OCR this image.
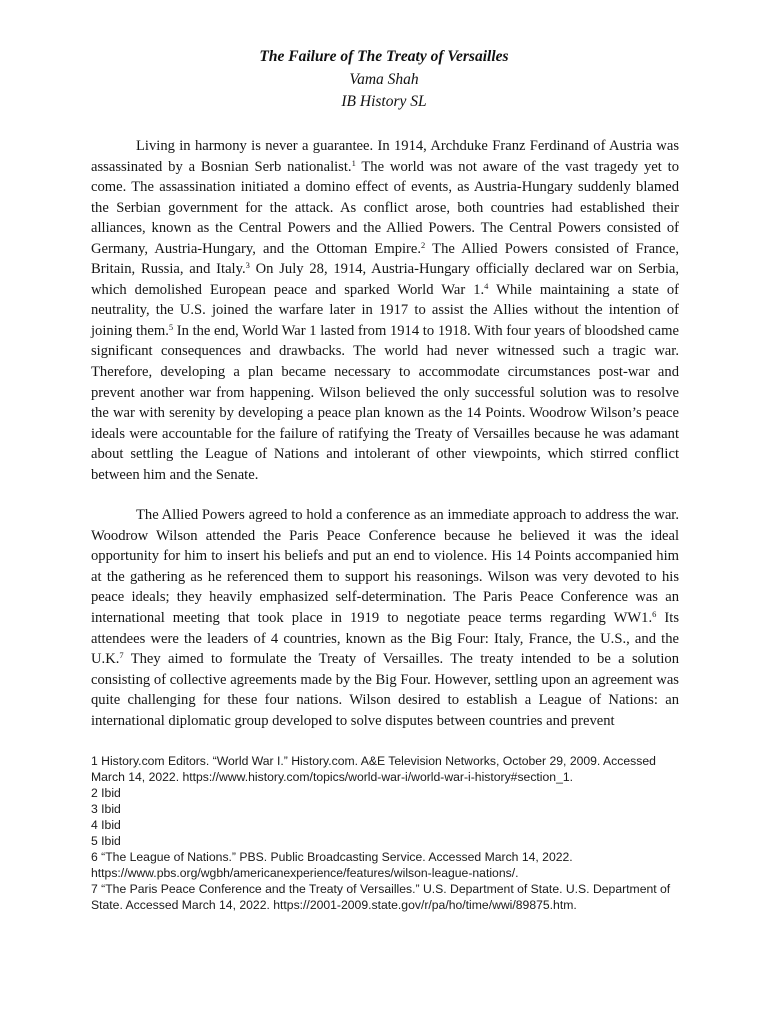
The Failure of The Treaty of Versailles
Vama Shah
IB History SL

Living in harmony is never a guarantee. In 1914, Archduke Franz Ferdinand of Austria was assassinated by a Bosnian Serb nationalist.$^1$ The world was not aware of the vast tragedy yet to come. The assassination initiated a domino effect of events, as Austria-Hungary suddenly blamed the Serbian government for the attack. As conflict arose, both countries had established their alliances, known as the Central Powers and the Allied Powers. The Central Powers consisted of Germany, Austria-Hungary, and the Ottoman Empire.$^2$ The Allied Powers consisted of France, Britain, Russia, and Italy.$^3$ On July 28, 1914, Austria-Hungary officially declared war on Serbia, which demolished European peace and sparked World War 1.$^4$ While maintaining a state of neutrality, the U.S. joined the warfare later in 1917 to assist the Allies without the intention of joining them.$^5$ In the end, World War 1 lasted from 1914 to 1918. With four years of bloodshed came significant consequences and drawbacks. The world had never witnessed such a tragic war. Therefore, developing a plan became necessary to accommodate circumstances post-war and prevent another war from happening. Wilson believed the only successful solution was to resolve the war with serenity by developing a peace plan known as the 14 Points. Woodrow Wilson’s peace ideals were accountable for the failure of ratifying the Treaty of Versailles because he was adamant about settling the League of Nations and intolerant of other viewpoints, which stirred conflict between him and the Senate.

The Allied Powers agreed to hold a conference as an immediate approach to address the war. Woodrow Wilson attended the Paris Peace Conference because he believed it was the ideal opportunity for him to insert his beliefs and put an end to violence. His 14 Points accompanied him at the gathering as he referenced them to support his reasonings. Wilson was very devoted to his peace ideals; they heavily emphasized self-determination. The Paris Peace Conference was an international meeting that took place in 1919 to negotiate peace terms regarding WW1.$^6$ Its attendees were the leaders of 4 countries, known as the Big Four: Italy, France, the U.S., and the U.K.$^7$ They aimed to formulate the Treaty of Versailles. The treaty intended to be a solution consisting of collective agreements made by the Big Four. However, settling upon an agreement was quite challenging for these four nations. Wilson desired to establish a League of Nations: an international diplomatic group developed to solve disputes between countries and prevent

1 History.com Editors. “World War I.” History.com. A&E Television Networks, October 29, 2009. Accessed March 14, 2022. https://www.history.com/topics/world-war-i/world-war-i-history#section_1.

2 Ibid

3 Ibid

4 Ibid

5 Ibid

6 “The League of Nations.” PBS. Public Broadcasting Service. Accessed March 14, 2022. https://www.pbs.org/wgbh/americanexperience/features/wilson-league-nations/.

7 “The Paris Peace Conference and the Treaty of Versailles.” U.S. Department of State. U.S. Department of State. Accessed March 14, 2022. https://2001-2009.state.gov/r/pa/ho/time/wwi/89875.htm.
